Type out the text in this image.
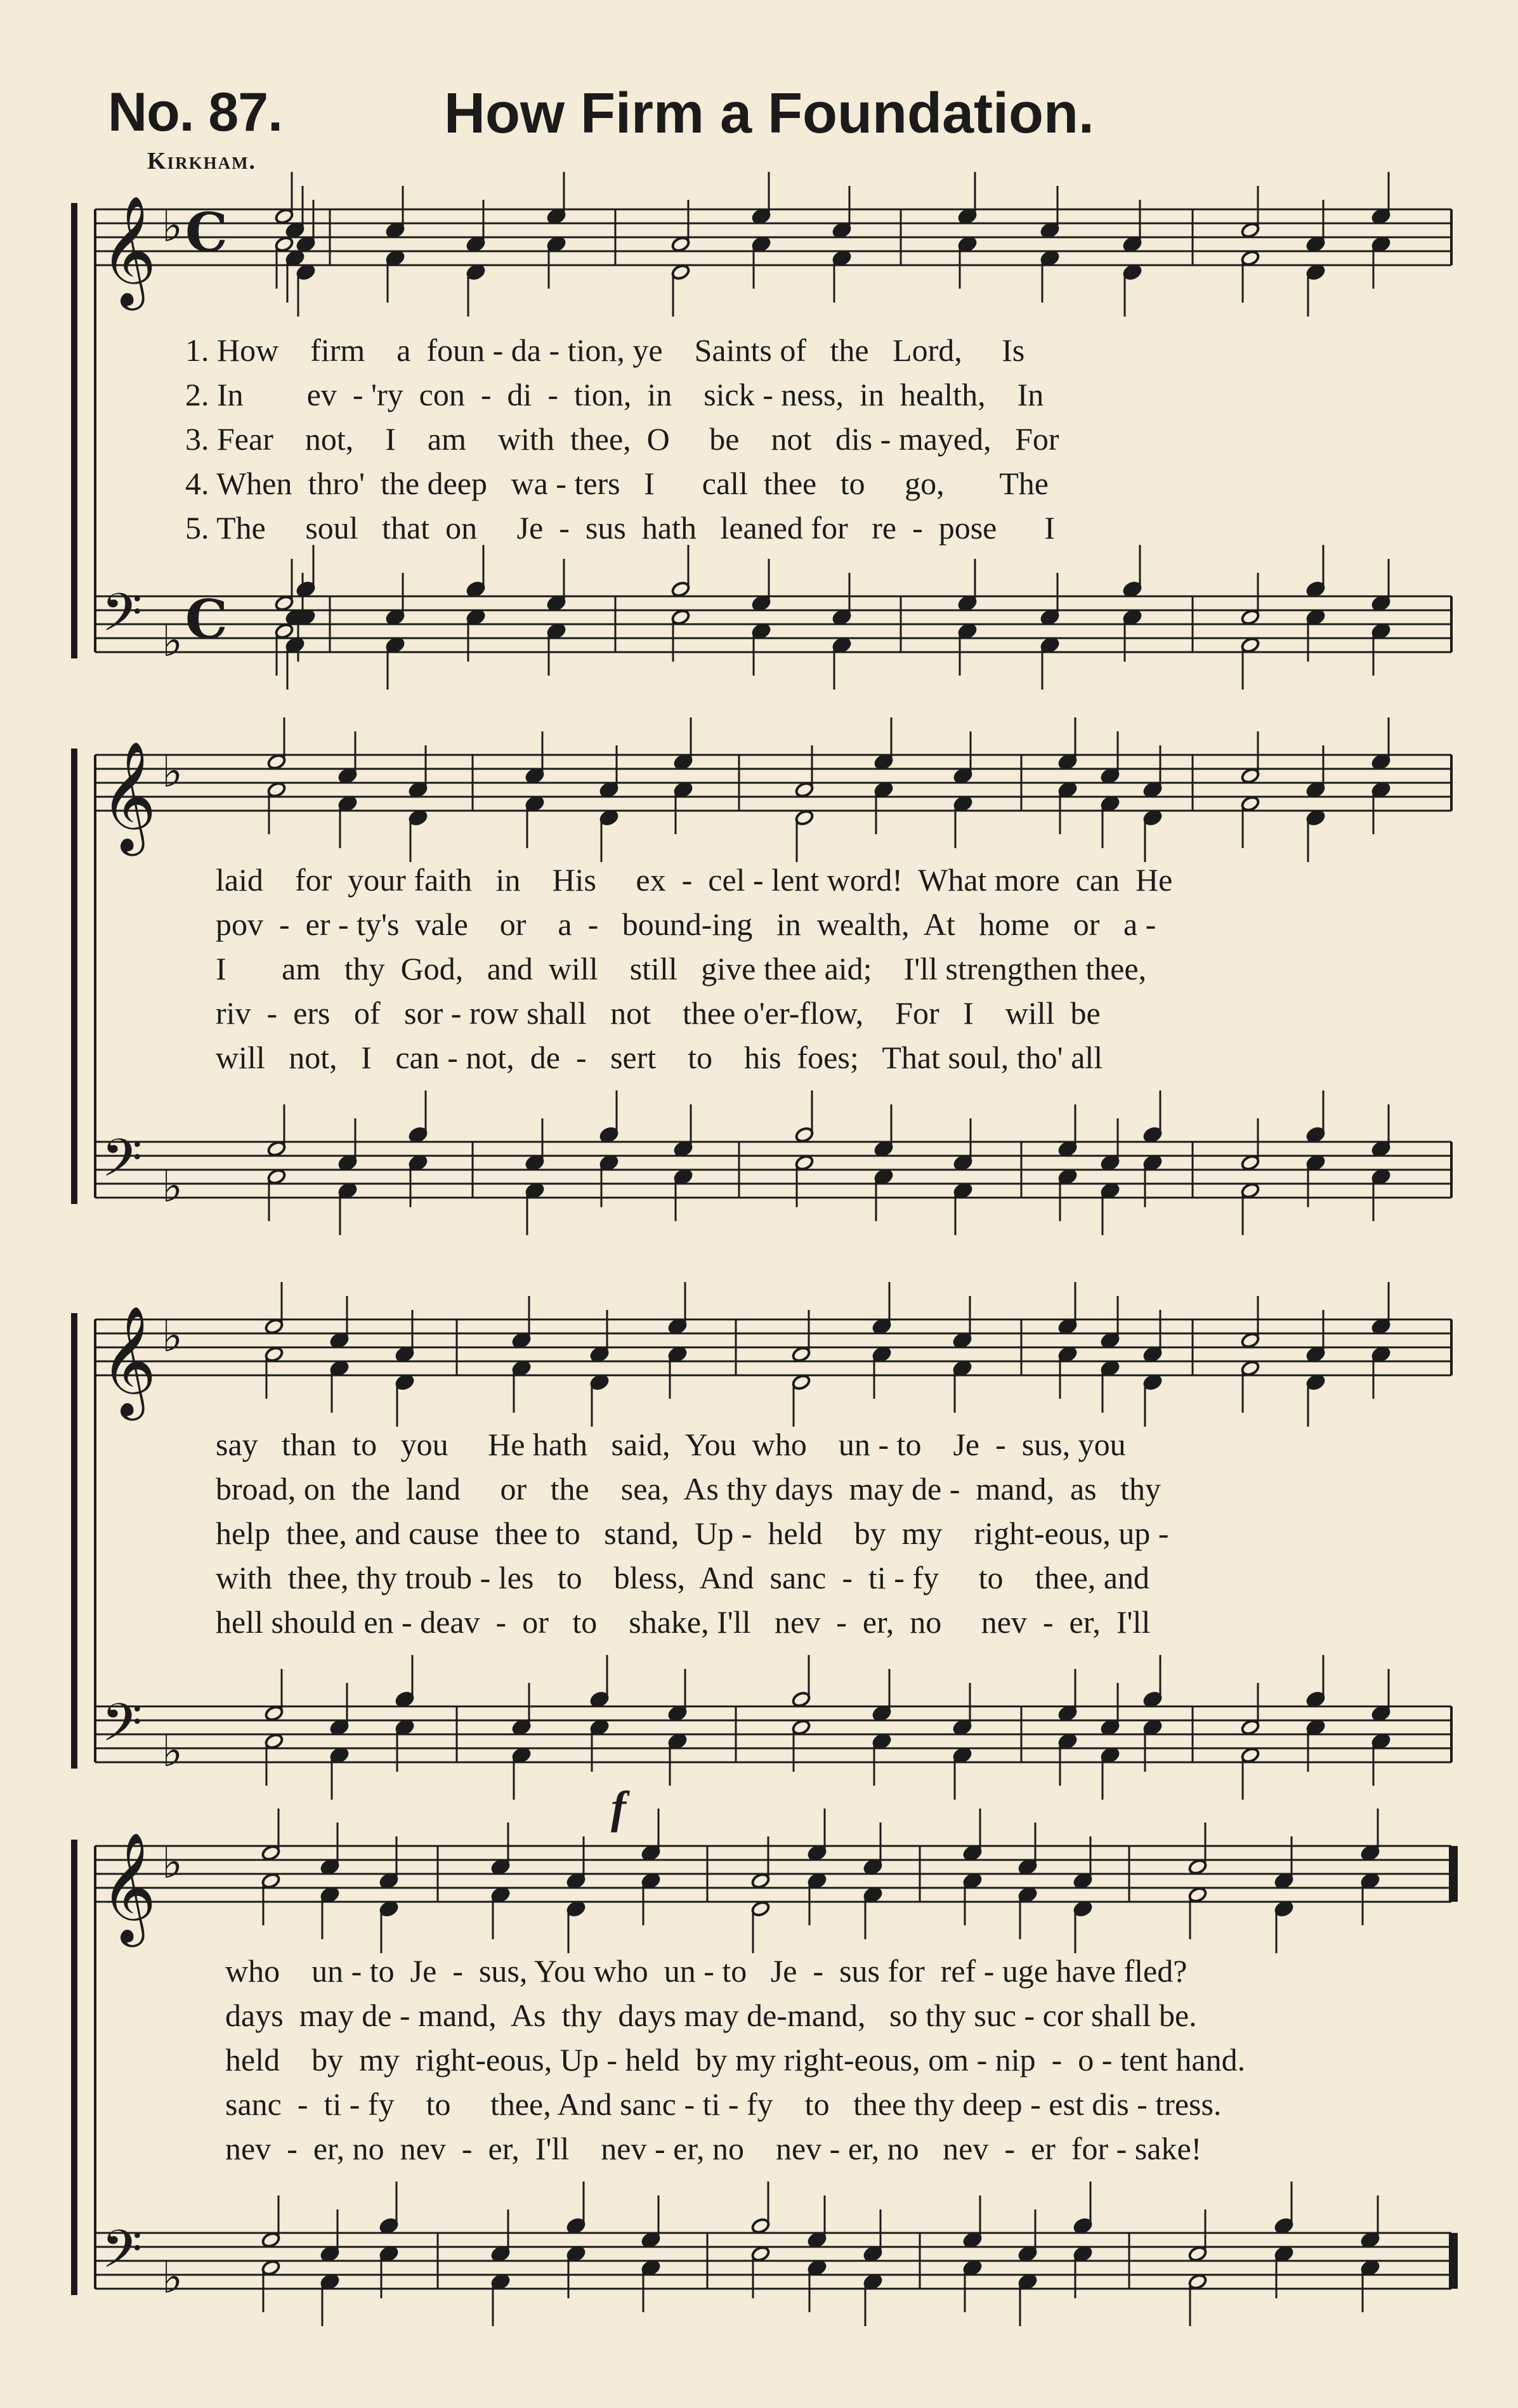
No. 87.	How Firm a Foundation.
Kirkham.
𝄞
𝄢
♭
♭
C
C
𝄞
𝄢
♭
♭
𝄞
𝄢
♭
♭
𝄞
𝄢
♭
♭
f
1. How    firm    a  foun - da - tion, ye    Saints of   the   Lord,     Is
2. In        ev  - 'ry  con  -  di  -  tion,  in    sick - ness,  in  health,    In
3. Fear    not,    I    am    with  thee,  O     be    not   dis - mayed,   For
4. When  thro'  the deep   wa - ters   I      call  thee   to     go,       The
5. The     soul   that  on     Je  -  sus  hath   leaned for   re  -  pose      I
laid    for  your faith   in    His     ex  -  cel - lent word!  What more  can  He
pov  -  er - ty's  vale    or    a  -   bound-ing   in  wealth,  At   home   or   a -
I       am   thy  God,   and  will    still   give thee aid;    I'll strengthen thee,
riv  -  ers   of   sor - row shall   not    thee o'er-flow,    For   I    will  be
will   not,   I   can - not,  de  -   sert    to    his  foes;   That soul, tho' all
say   than  to   you     He hath   said,  You  who    un - to    Je  -  sus, you
broad, on  the  land     or   the    sea,  As thy days  may de -  mand,  as   thy
help  thee, and cause  thee to   stand,  Up -  held    by  my    right-eous, up -
with  thee, thy troub - les   to    bless,  And  sanc  -  ti - fy     to    thee, and
hell should en - deav  -  or   to    shake, I'll   nev  -  er,  no     nev  -  er,  I'll
who    un - to  Je  -  sus, You who  un - to   Je  -  sus for  ref - uge have fled?
days  may de - mand,  As  thy  days may de-mand,   so thy suc - cor shall be.
held    by  my  right-eous, Up - held  by my right-eous, om - nip  -  o - tent hand.
sanc  -  ti - fy    to     thee, And sanc - ti - fy    to   thee thy deep - est dis - tress.
nev  -  er, no  nev  -  er,  I'll    nev - er, no    nev - er, no   nev  -  er  for - sake!
